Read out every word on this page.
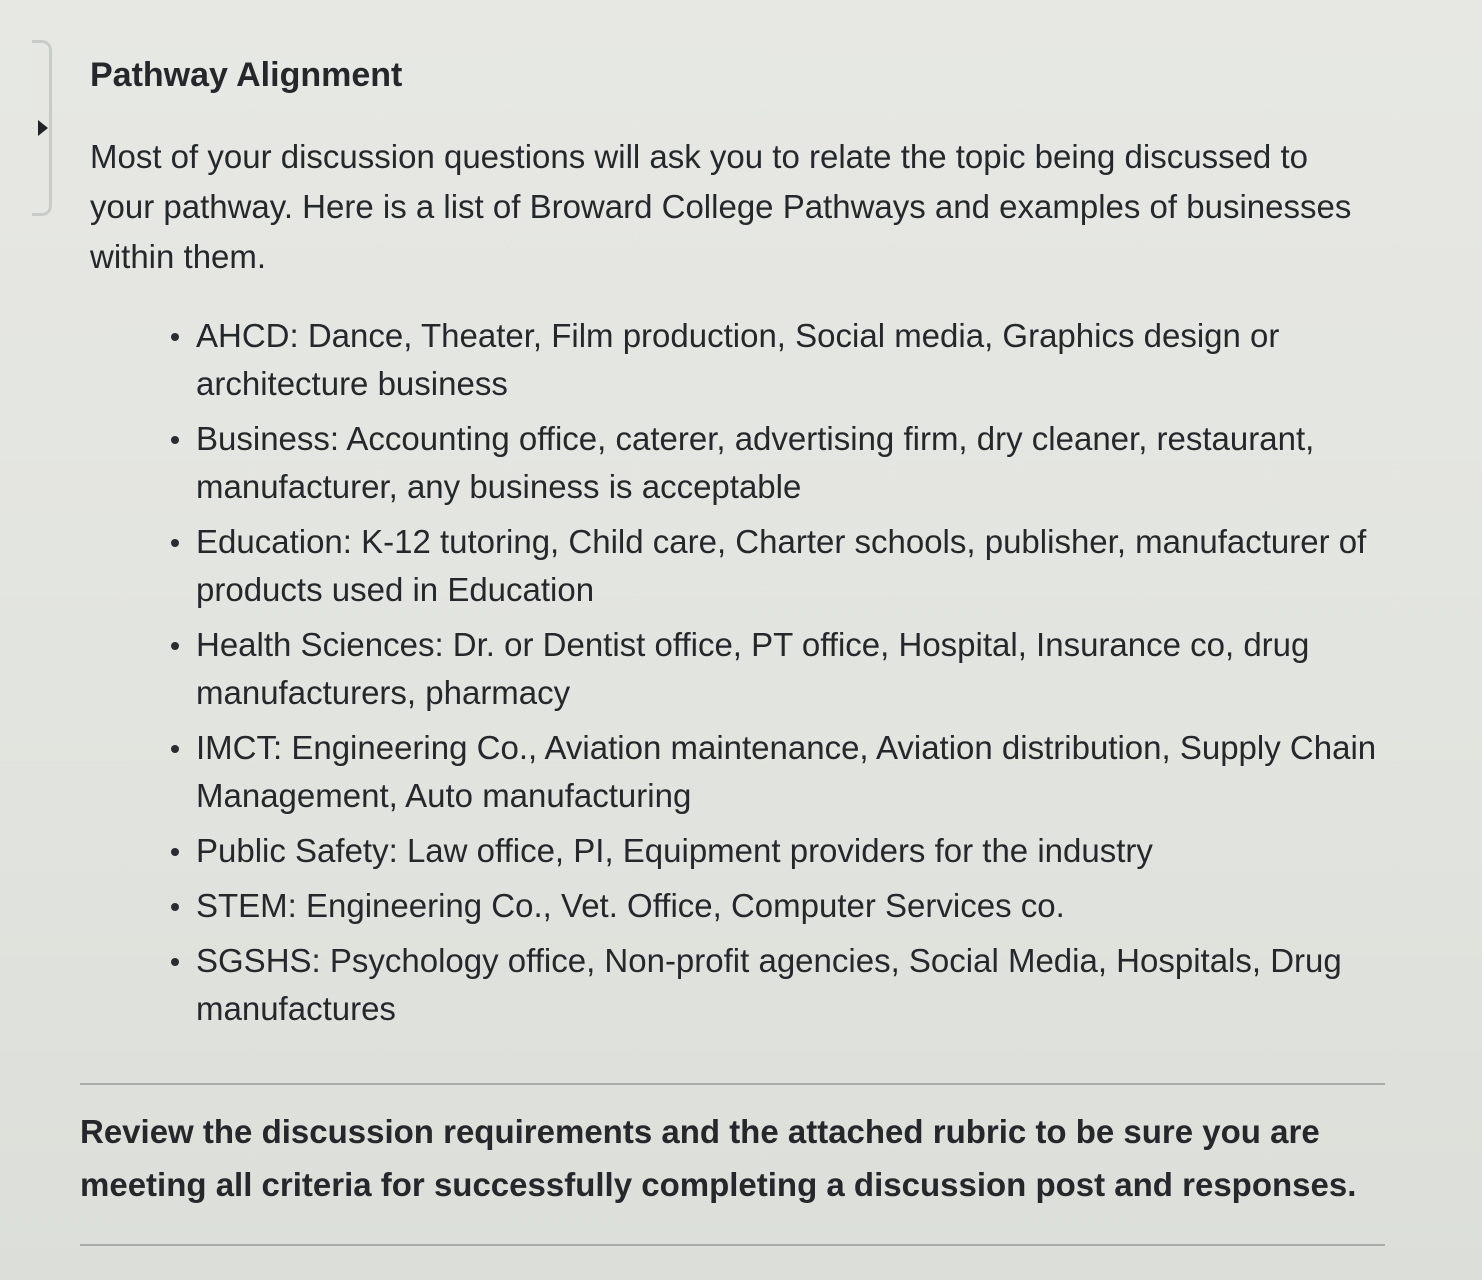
Pathway Alignment

Most of your discussion questions will ask you to relate the topic being discussed to your pathway. Here is a list of Broward College Pathways and examples of businesses within them.

AHCD: Dance, Theater, Film production, Social media, Graphics design or architecture business
Business: Accounting office, caterer, advertising firm, dry cleaner, restaurant, manufacturer, any business is acceptable
Education: K-12 tutoring, Child care, Charter schools, publisher, manufacturer of products used in Education
Health Sciences: Dr. or Dentist office, PT office, Hospital, Insurance co, drug manufacturers, pharmacy
IMCT: Engineering Co., Aviation maintenance, Aviation distribution, Supply Chain Management, Auto manufacturing
Public Safety: Law office, PI, Equipment providers for the industry
STEM: Engineering Co., Vet. Office, Computer Services co.
SGSHS: Psychology office, Non-profit agencies, Social Media, Hospitals, Drug manufactures

Review the discussion requirements and the attached rubric to be sure you are meeting all criteria for successfully completing a discussion post and responses.
